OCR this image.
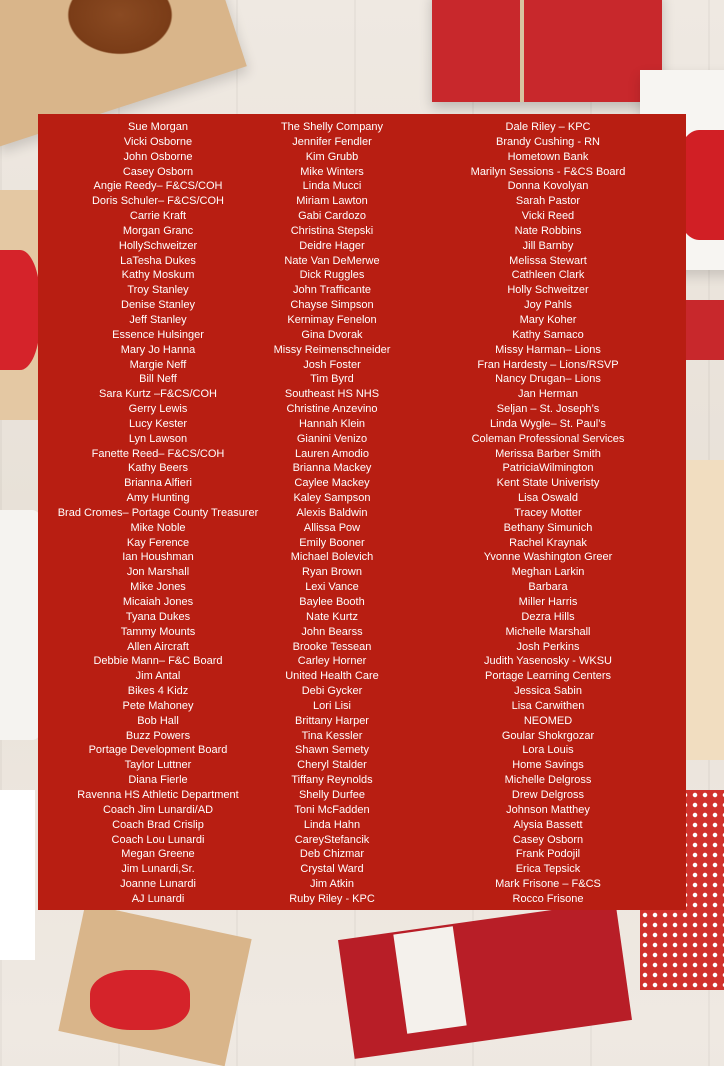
Sue Morgan
Vicki Osborne
John Osborne
Casey Osborn
Angie Reedy– F&CS/COH
Doris Schuler– F&CS/COH
Carrie Kraft
Morgan Granc
HollySchweitzer
LaTesha Dukes
Kathy Moskum
Troy Stanley
Denise Stanley
Jeff Stanley
Essence Hulsinger
Mary Jo Hanna
Margie Neff
Bill Neff
Sara Kurtz –F&CS/COH
Gerry Lewis
Lucy Kester
Lyn Lawson
Fanette Reed– F&CS/COH
Kathy Beers
Brianna Alfieri
Amy Hunting
Brad Cromes– Portage County Treasurer
Mike Noble
Kay Ference
Ian Houshman
Jon Marshall
Mike Jones
Micaiah Jones
Tyana Dukes
Tammy Mounts
Allen Aircraft
Debbie Mann– F&C Board
Jim Antal
Bikes 4 Kidz
Pete Mahoney
Bob Hall
Buzz Powers
Portage Development Board
Taylor Luttner
Diana Fierle
Ravenna HS Athletic Department
Coach Jim Lunardi/AD
Coach Brad Crislip
Coach Lou Lunardi
Megan Greene
Jim Lunardi,Sr.
Joanne Lunardi
AJ Lunardi
The Shelly Company
Jennifer Fendler
Kim Grubb
Mike Winters
Linda Mucci
Miriam Lawton
Gabi Cardozo
Christina Stepski
Deidre Hager
Nate Van DeMerwe
Dick Ruggles
John Trafficante
Chayse Simpson
Kernimay Fenelon
Gina Dvorak
Missy Reimenschneider
Josh Foster
Tim Byrd
Southeast HS NHS
Christine Anzevino
Hannah Klein
Gianini Venizo
Lauren Amodio
Brianna Mackey
Caylee Mackey
Kaley Sampson
Alexis Baldwin
Allissa Pow
Emily Booner
Michael Bolevich
Ryan Brown
Lexi Vance
Baylee Booth
Nate Kurtz
John Bearss
Brooke Tessean
Carley Horner
United Health Care
Debi Gycker
Lori Lisi
Brittany Harper
Tina Kessler
Shawn Semety
Cheryl Stalder
Tiffany Reynolds
Shelly Durfee
Toni McFadden
Linda Hahn
CareyStefancik
Deb Chizmar
Crystal Ward
Jim Atkin
Ruby Riley - KPC
Dale Riley – KPC
Brandy Cushing - RN
Hometown Bank
Marilyn Sessions - F&CS Board
Donna Kovolyan
Sarah Pastor
Vicki Reed
Nate Robbins
Jill Barnby
Melissa Stewart
Cathleen Clark
Holly Schweitzer
Joy Pahls
Mary Koher
Kathy Samaco
Missy Harman– Lions
Fran Hardesty – Lions/RSVP
Nancy Drugan– Lions
Jan Herman
Seljan – St. Joseph’s
Linda Wygle– St. Paul’s
Coleman Professional Services
Merissa Barber Smith
PatriciaWilmington
Kent State Univeristy
Lisa Oswald
Tracey Motter
Bethany Simunich
Rachel Kraynak
Yvonne Washington Greer
Meghan Larkin
Barbara
Miller Harris
Dezra Hills
Michelle Marshall
Josh Perkins
Judith Yasenosky - WKSU
Portage Learning Centers
Jessica Sabin
Lisa Carwithen
NEOMED
Goular Shokrgozar
Lora Louis
Home Savings
Michelle Delgross
Drew Delgross
Johnson Matthey
Alysia Bassett
Casey Osborn
Frank Podojil
Erica Tepsick
Mark Frisone – F&CS
Rocco Frisone
